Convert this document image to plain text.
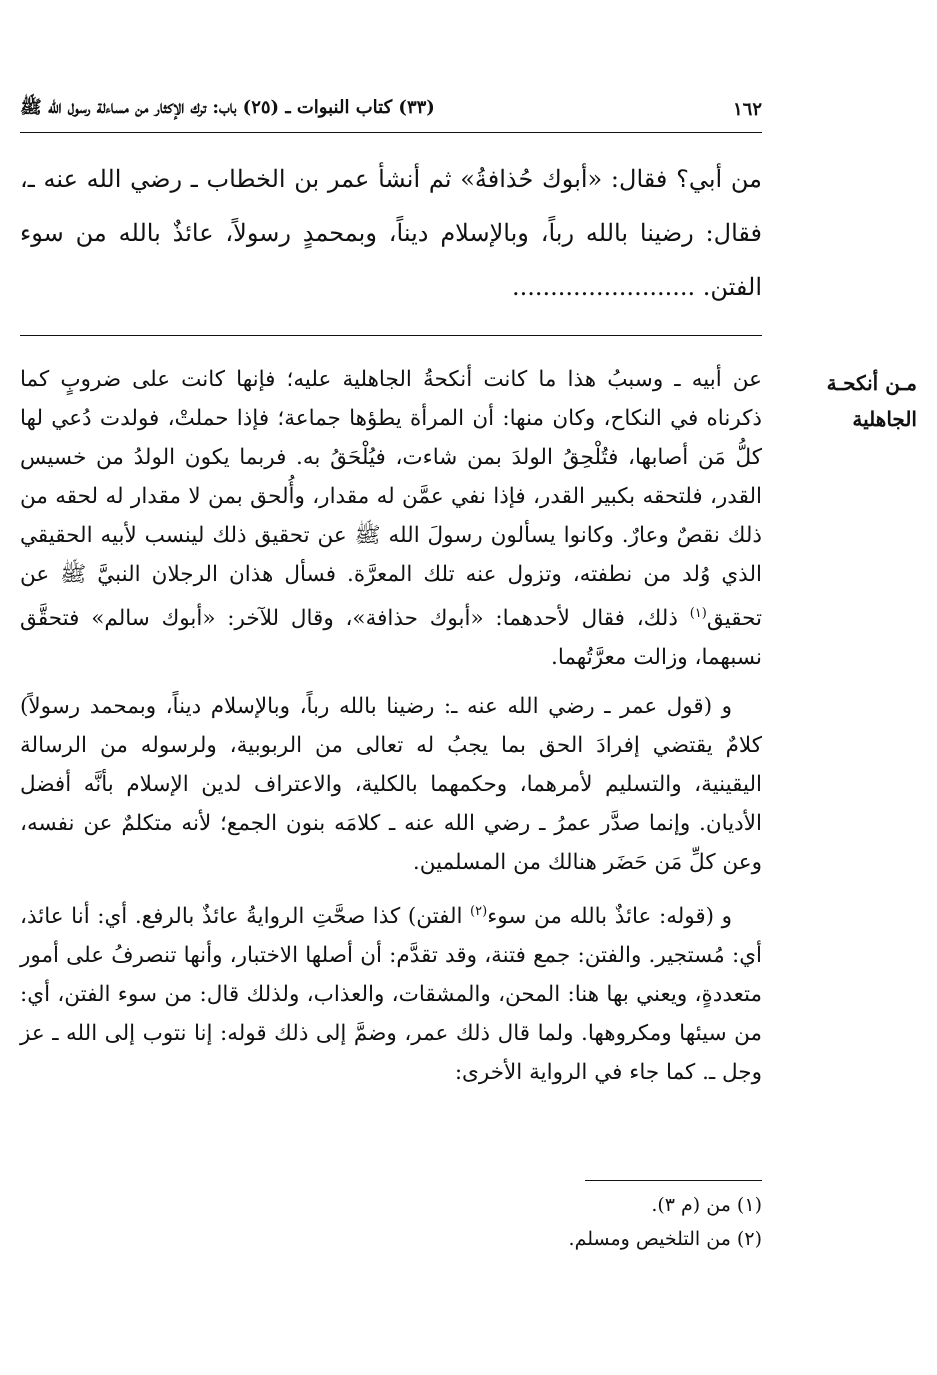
١٦٢
(٣٣) كتاب النبوات ـ (٢٥) باب: ترك الإكثار من مساءلة رسول الله ﷺ
من أبي؟ فقال: «أبوك حُذافةُ» ثم أنشأ عمر بن الخطاب ـ رضي الله عنه ـ، فقال: رضينا بالله رباً، وبالإسلام ديناً، وبمحمدٍ رسولاً، عائذٌ بالله من سوء الفتن. ........................
مـن أنكحـة الجاهلية

عن أبيه ـ وسببُ هذا ما كانت أنكحةُ الجاهلية عليه؛ فإنها كانت على ضروبٍ كما ذكرناه في النكاح، وكان منها: أن المرأة يطؤها جماعة؛ فإذا حملتْ، فولدت دُعي لها كلُّ مَن أصابها، فتُلْحِقُ الولدَ بمن شاءت، فيُلْحَقُ به. فربما يكون الولدُ من خسيس القدر، فلتحقه بكبير القدر، فإذا نفي عمَّن له مقدار، وأُلحق بمن لا مقدار له لحقه من ذلك نقصٌ وعارٌ. وكانوا يسألون رسولَ الله ﷺ عن تحقيق ذلك لينسب لأبيه الحقيقي الذي وُلد من نطفته، وتزول عنه تلك المعرَّة. فسأل هذان الرجلان النبيَّ ﷺ عن تحقيق$^{(١)}$ ذلك، فقال لأحدهما: «أبوك حذافة»، وقال للآخر: «أبوك سالم» فتحقَّق نسبهما، وزالت معرَّتُهما.

و (قول عمر ـ رضي الله عنه ـ: رضينا بالله رباً، وبالإسلام ديناً، وبمحمد رسولاً) كلامٌ يقتضي إفرادَ الحق بما يجبُ له تعالى من الربوبية، ولرسوله من الرسالة اليقينية، والتسليم لأمرهما، وحكمهما بالكلية، والاعتراف لدين الإسلام بأنَّه أفضل الأديان. وإنما صدَّر عمرُ ـ رضي الله عنه ـ كلامَه بنون الجمع؛ لأنه متكلمٌ عن نفسه، وعن كلِّ مَن حَضَر هنالك من المسلمين.

و (قوله: عائذٌ بالله من سوء$^{(٢)}$ الفتن) كذا صحَّتِ الروايةُ عائذٌ بالرفع. أي: أنا عائذ، أي: مُستجير. والفتن: جمع فتنة، وقد تقدَّم: أن أصلها الاختبار، وأنها تنصرفُ على أمور متعددةٍ، ويعني بها هنا: المحن، والمشقات، والعذاب، ولذلك قال: من سوء الفتن، أي: من سيئها ومكروهها. ولما قال ذلك عمر، وضمَّ إلى ذلك قوله: إنا نتوب إلى الله ـ عز وجل ـ. كما جاء في الرواية الأخرى:

(١) من (م ٣).
(٢) من التلخيص ومسلم.
